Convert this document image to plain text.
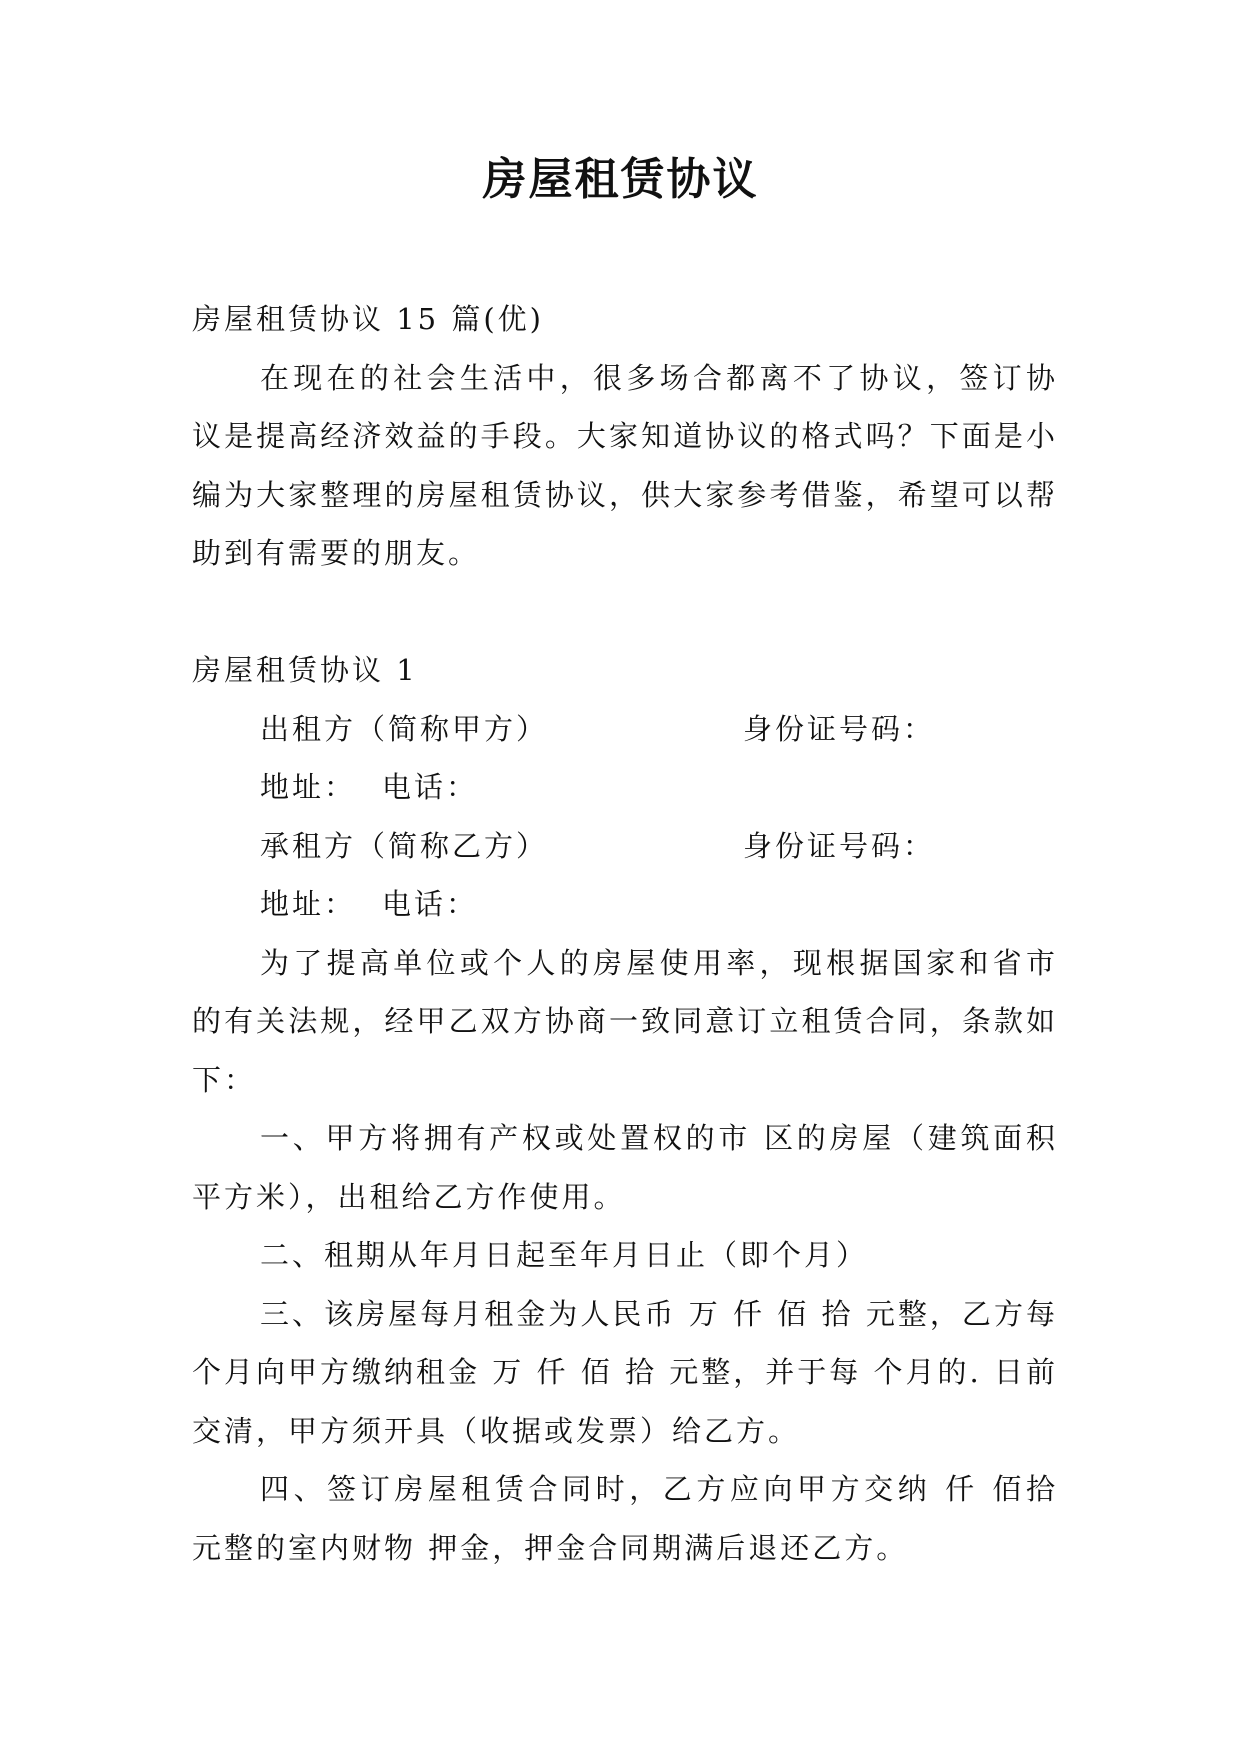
房屋租赁协议

房屋租赁协议 15 篇(优)

在现在的社会生活中，很多场合都离不了协议，签订协议是提高经济效益的手段。大家知道协议的格式吗？下面是小编为大家整理的房屋租赁协议，供大家参考借鉴，希望可以帮助到有需要的朋友。

房屋租赁协议 1

出租方（简称甲方）	身份证号码：
地址： 电话：
承租方（简称乙方）	身份证号码：
地址： 电话：

为了提高单位或个人的房屋使用率，现根据国家和省市的有关法规，经甲乙双方协商一致同意订立租赁合同，条款如下：

一、甲方将拥有产权或处置权的市 区的房屋（建筑面积 平方米），出租给乙方作使用。

二、租期从年月日起至年月日止（即个月）

三、该房屋每月租金为人民币 万 仟 佰 拾 元整，乙方每 个月向甲方缴纳租金 万 仟 佰 拾 元整，并于每 个月的. 日前交清，甲方须开具（收据或发票）给乙方。

四、签订房屋租赁合同时，乙方应向甲方交纳 仟 佰拾 元整的室内财物 押金，押金合同期满后退还乙方。
